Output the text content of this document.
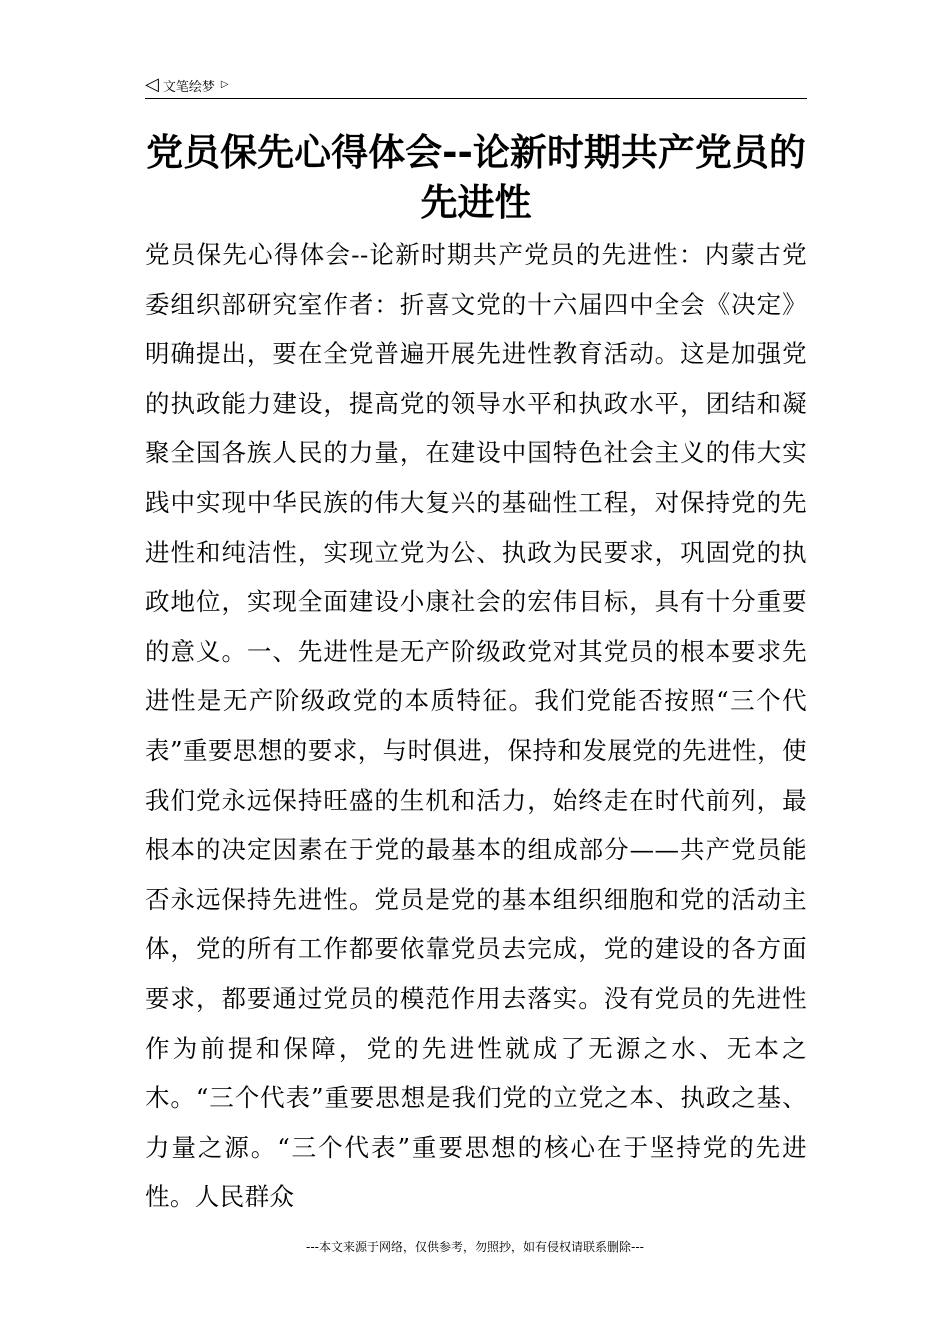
◁ 文笔绘梦 ▷
党员保先心得体会--论新时期共产党员的先进性
党员保先心得体会--论新时期共产党员的先进性：内蒙古党委组织部研究室作者：折喜文党的十六届四中全会《决定》明确提出，要在全党普遍开展先进性教育活动。这是加强党的执政能力建设，提高党的领导水平和执政水平，团结和凝聚全国各族人民的力量，在建设中国特色社会主义的伟大实践中实现中华民族的伟大复兴的基础性工程，对保持党的先进性和纯洁性，实现立党为公、执政为民要求，巩固党的执政地位，实现全面建设小康社会的宏伟目标，具有十分重要的意义。一、先进性是无产阶级政党对其党员的根本要求先进性是无产阶级政党的本质特征。我们党能否按照“三个代表”重要思想的要求，与时俱进，保持和发展党的先进性，使我们党永远保持旺盛的生机和活力，始终走在时代前列，最根本的决定因素在于党的最基本的组成部分——共产党员能否永远保持先进性。党员是党的基本组织细胞和党的活动主体，党的所有工作都要依靠党员去完成，党的建设的各方面要求，都要通过党员的模范作用去落实。没有党员的先进性作为前提和保障，党的先进性就成了无源之水、无本之木。“三个代表”重要思想是我们党的立党之本、执政之基、力量之源。“三个代表”重要思想的核心在于坚持党的先进性。人民群众
---本文来源于网络，仅供参考，勿照抄，如有侵权请联系删除---
